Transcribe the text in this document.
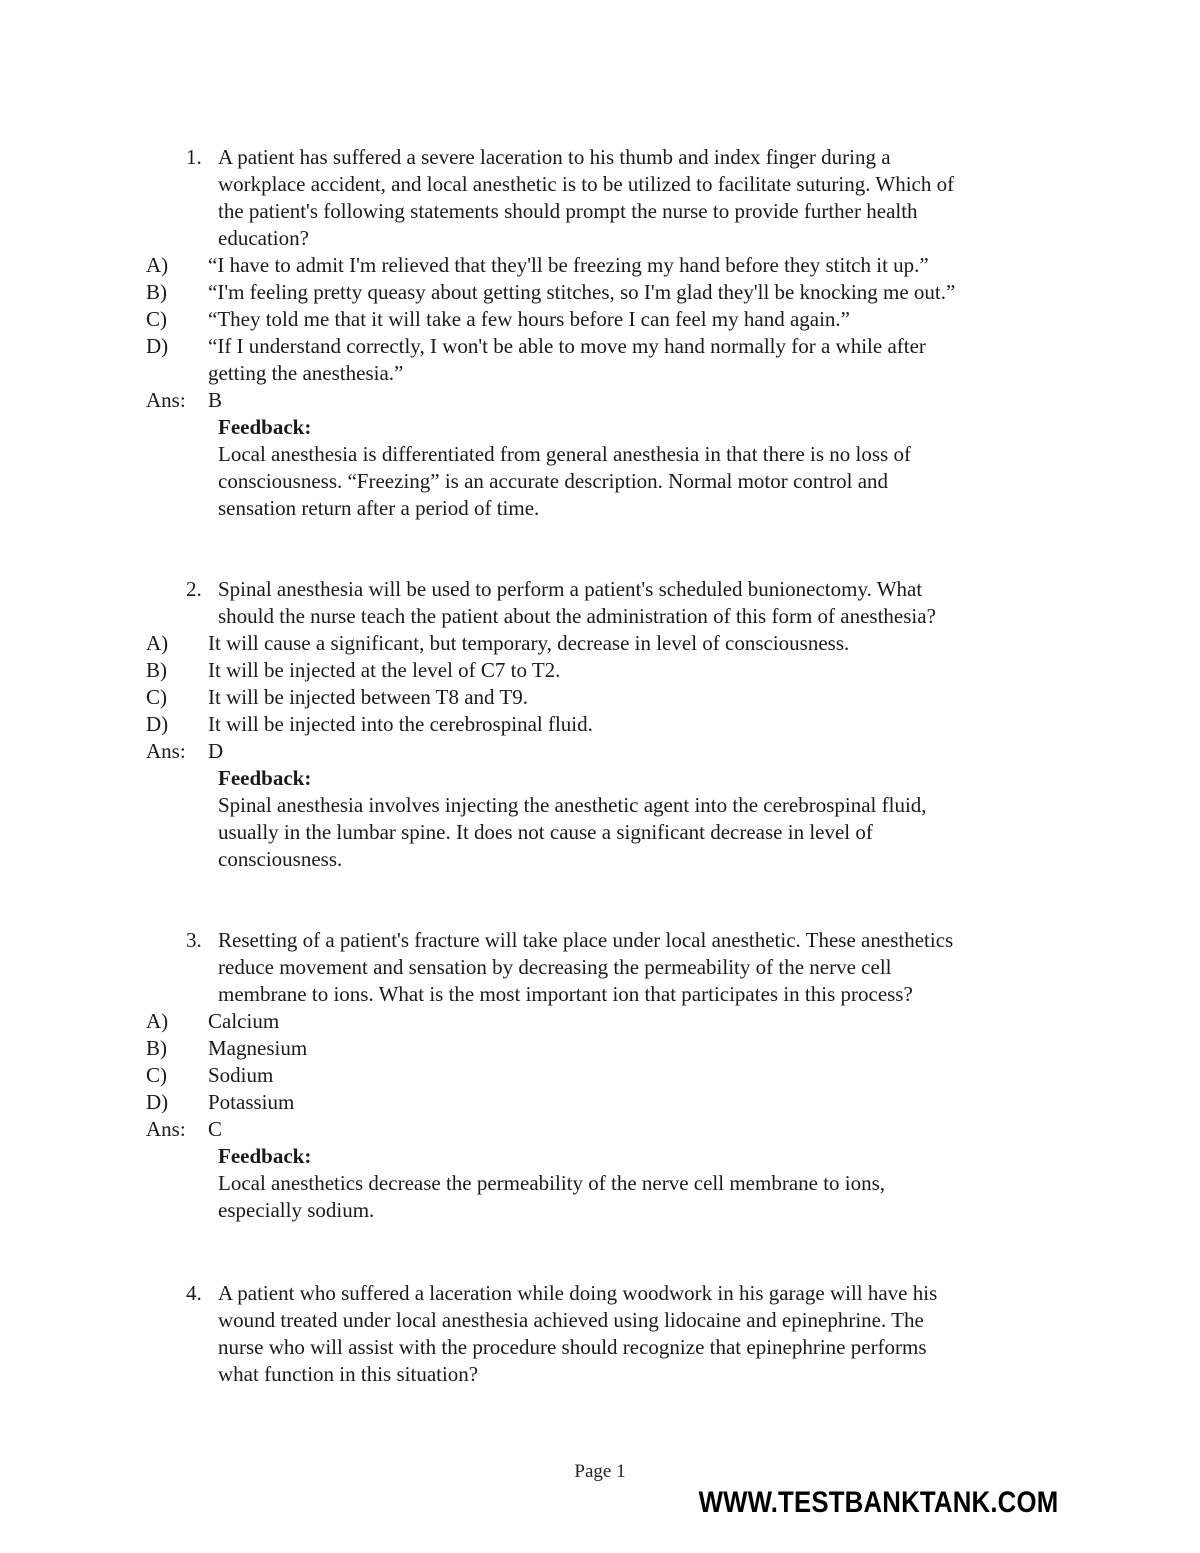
1. A patient has suffered a severe laceration to his thumb and index finger during a
workplace accident, and local anesthetic is to be utilized to facilitate suturing. Which of
the patient's following statements should prompt the nurse to provide further health
education?
A) “I have to admit I'm relieved that they'll be freezing my hand before they stitch it up.”
B) “I'm feeling pretty queasy about getting stitches, so I'm glad they'll be knocking me out.”
C) “They told me that it will take a few hours before I can feel my hand again.”
D) “If I understand correctly, I won't be able to move my hand normally for a while after
getting the anesthesia.”
Ans: B
Feedback:
Local anesthesia is differentiated from general anesthesia in that there is no loss of
consciousness. “Freezing” is an accurate description. Normal motor control and
sensation return after a period of time.
2. Spinal anesthesia will be used to perform a patient's scheduled bunionectomy. What
should the nurse teach the patient about the administration of this form of anesthesia?
A) It will cause a significant, but temporary, decrease in level of consciousness.
B) It will be injected at the level of C7 to T2.
C) It will be injected between T8 and T9.
D) It will be injected into the cerebrospinal fluid.
Ans: D
Feedback:
Spinal anesthesia involves injecting the anesthetic agent into the cerebrospinal fluid,
usually in the lumbar spine. It does not cause a significant decrease in level of
consciousness.
3. Resetting of a patient's fracture will take place under local anesthetic. These anesthetics
reduce movement and sensation by decreasing the permeability of the nerve cell
membrane to ions. What is the most important ion that participates in this process?
A) Calcium
B) Magnesium
C) Sodium
D) Potassium
Ans: C
Feedback:
Local anesthetics decrease the permeability of the nerve cell membrane to ions,
especially sodium.
4. A patient who suffered a laceration while doing woodwork in his garage will have his
wound treated under local anesthesia achieved using lidocaine and epinephrine. The
nurse who will assist with the procedure should recognize that epinephrine performs
what function in this situation?
Page 1
WWW.TESTBANKTANK.COM
